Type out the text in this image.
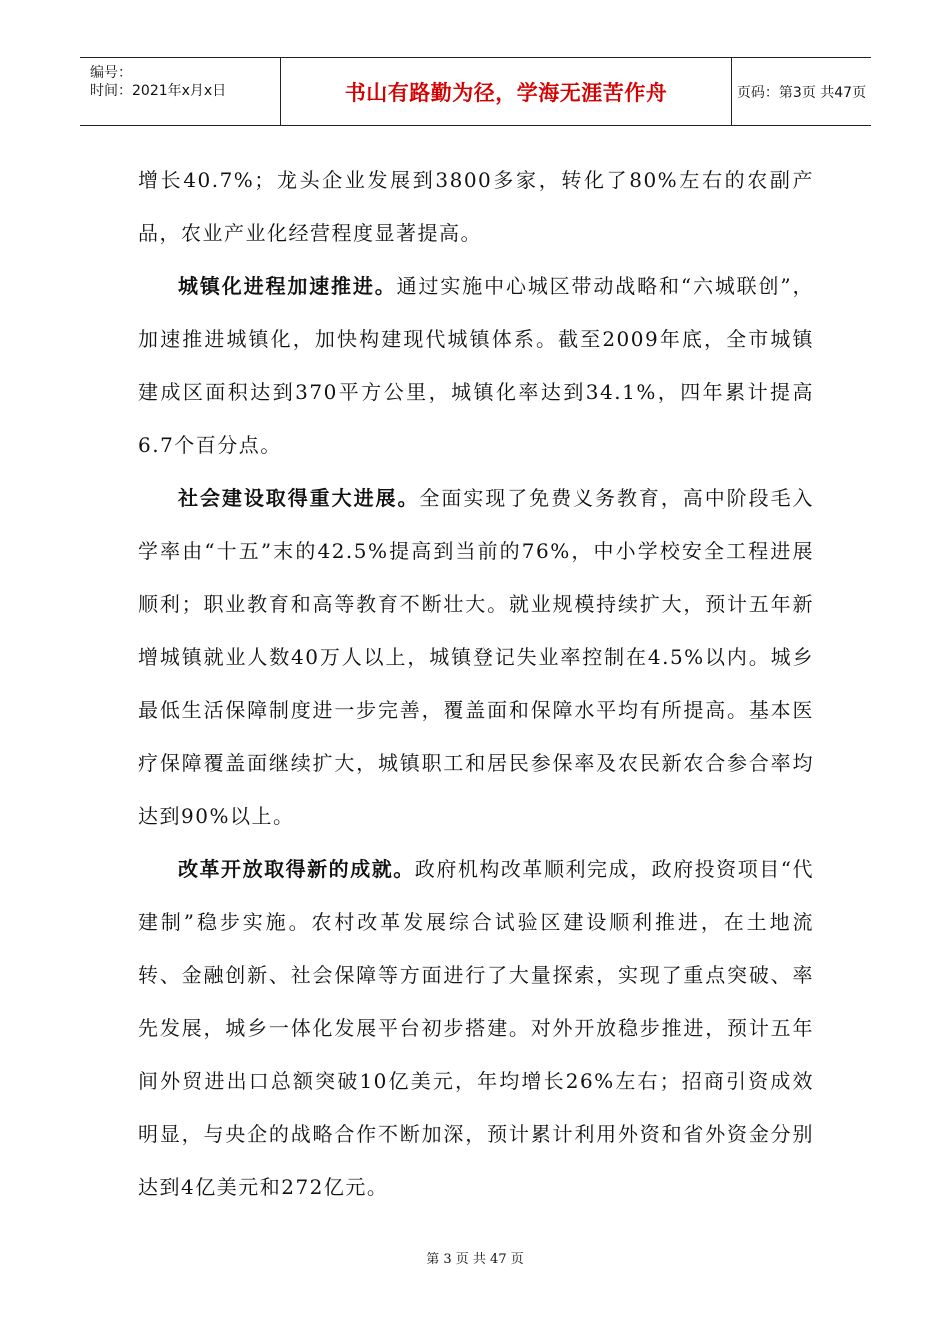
编号：
时间：2021年x月x日	书山有路勤为径，学海无涯苦作舟	页码：第3页 共47页

增长40.7%；龙头企业发展到3800多家，转化了80%左右的农副产品，农业产业化经营程度显著提高。

城镇化进程加速推进。通过实施中心城区带动战略和“六城联创”，加速推进城镇化，加快构建现代城镇体系。截至2009年底，全市城镇建成区面积达到370平方公里，城镇化率达到34.1%，四年累计提高6.7个百分点。

社会建设取得重大进展。全面实现了免费义务教育，高中阶段毛入学率由“十五”末的42.5%提高到当前的76%，中小学校安全工程进展顺利；职业教育和高等教育不断壮大。就业规模持续扩大，预计五年新增城镇就业人数40万人以上，城镇登记失业率控制在4.5%以内。城乡最低生活保障制度进一步完善，覆盖面和保障水平均有所提高。基本医疗保障覆盖面继续扩大，城镇职工和居民参保率及农民新农合参合率均达到90%以上。

改革开放取得新的成就。政府机构改革顺利完成，政府投资项目“代建制”稳步实施。农村改革发展综合试验区建设顺利推进，在土地流转、金融创新、社会保障等方面进行了大量探索，实现了重点突破、率先发展，城乡一体化发展平台初步搭建。对外开放稳步推进，预计五年间外贸进出口总额突破10亿美元，年均增长26%左右；招商引资成效明显，与央企的战略合作不断加深，预计累计利用外资和省外资金分别达到4亿美元和272亿元。

第 3 页 共 47 页
